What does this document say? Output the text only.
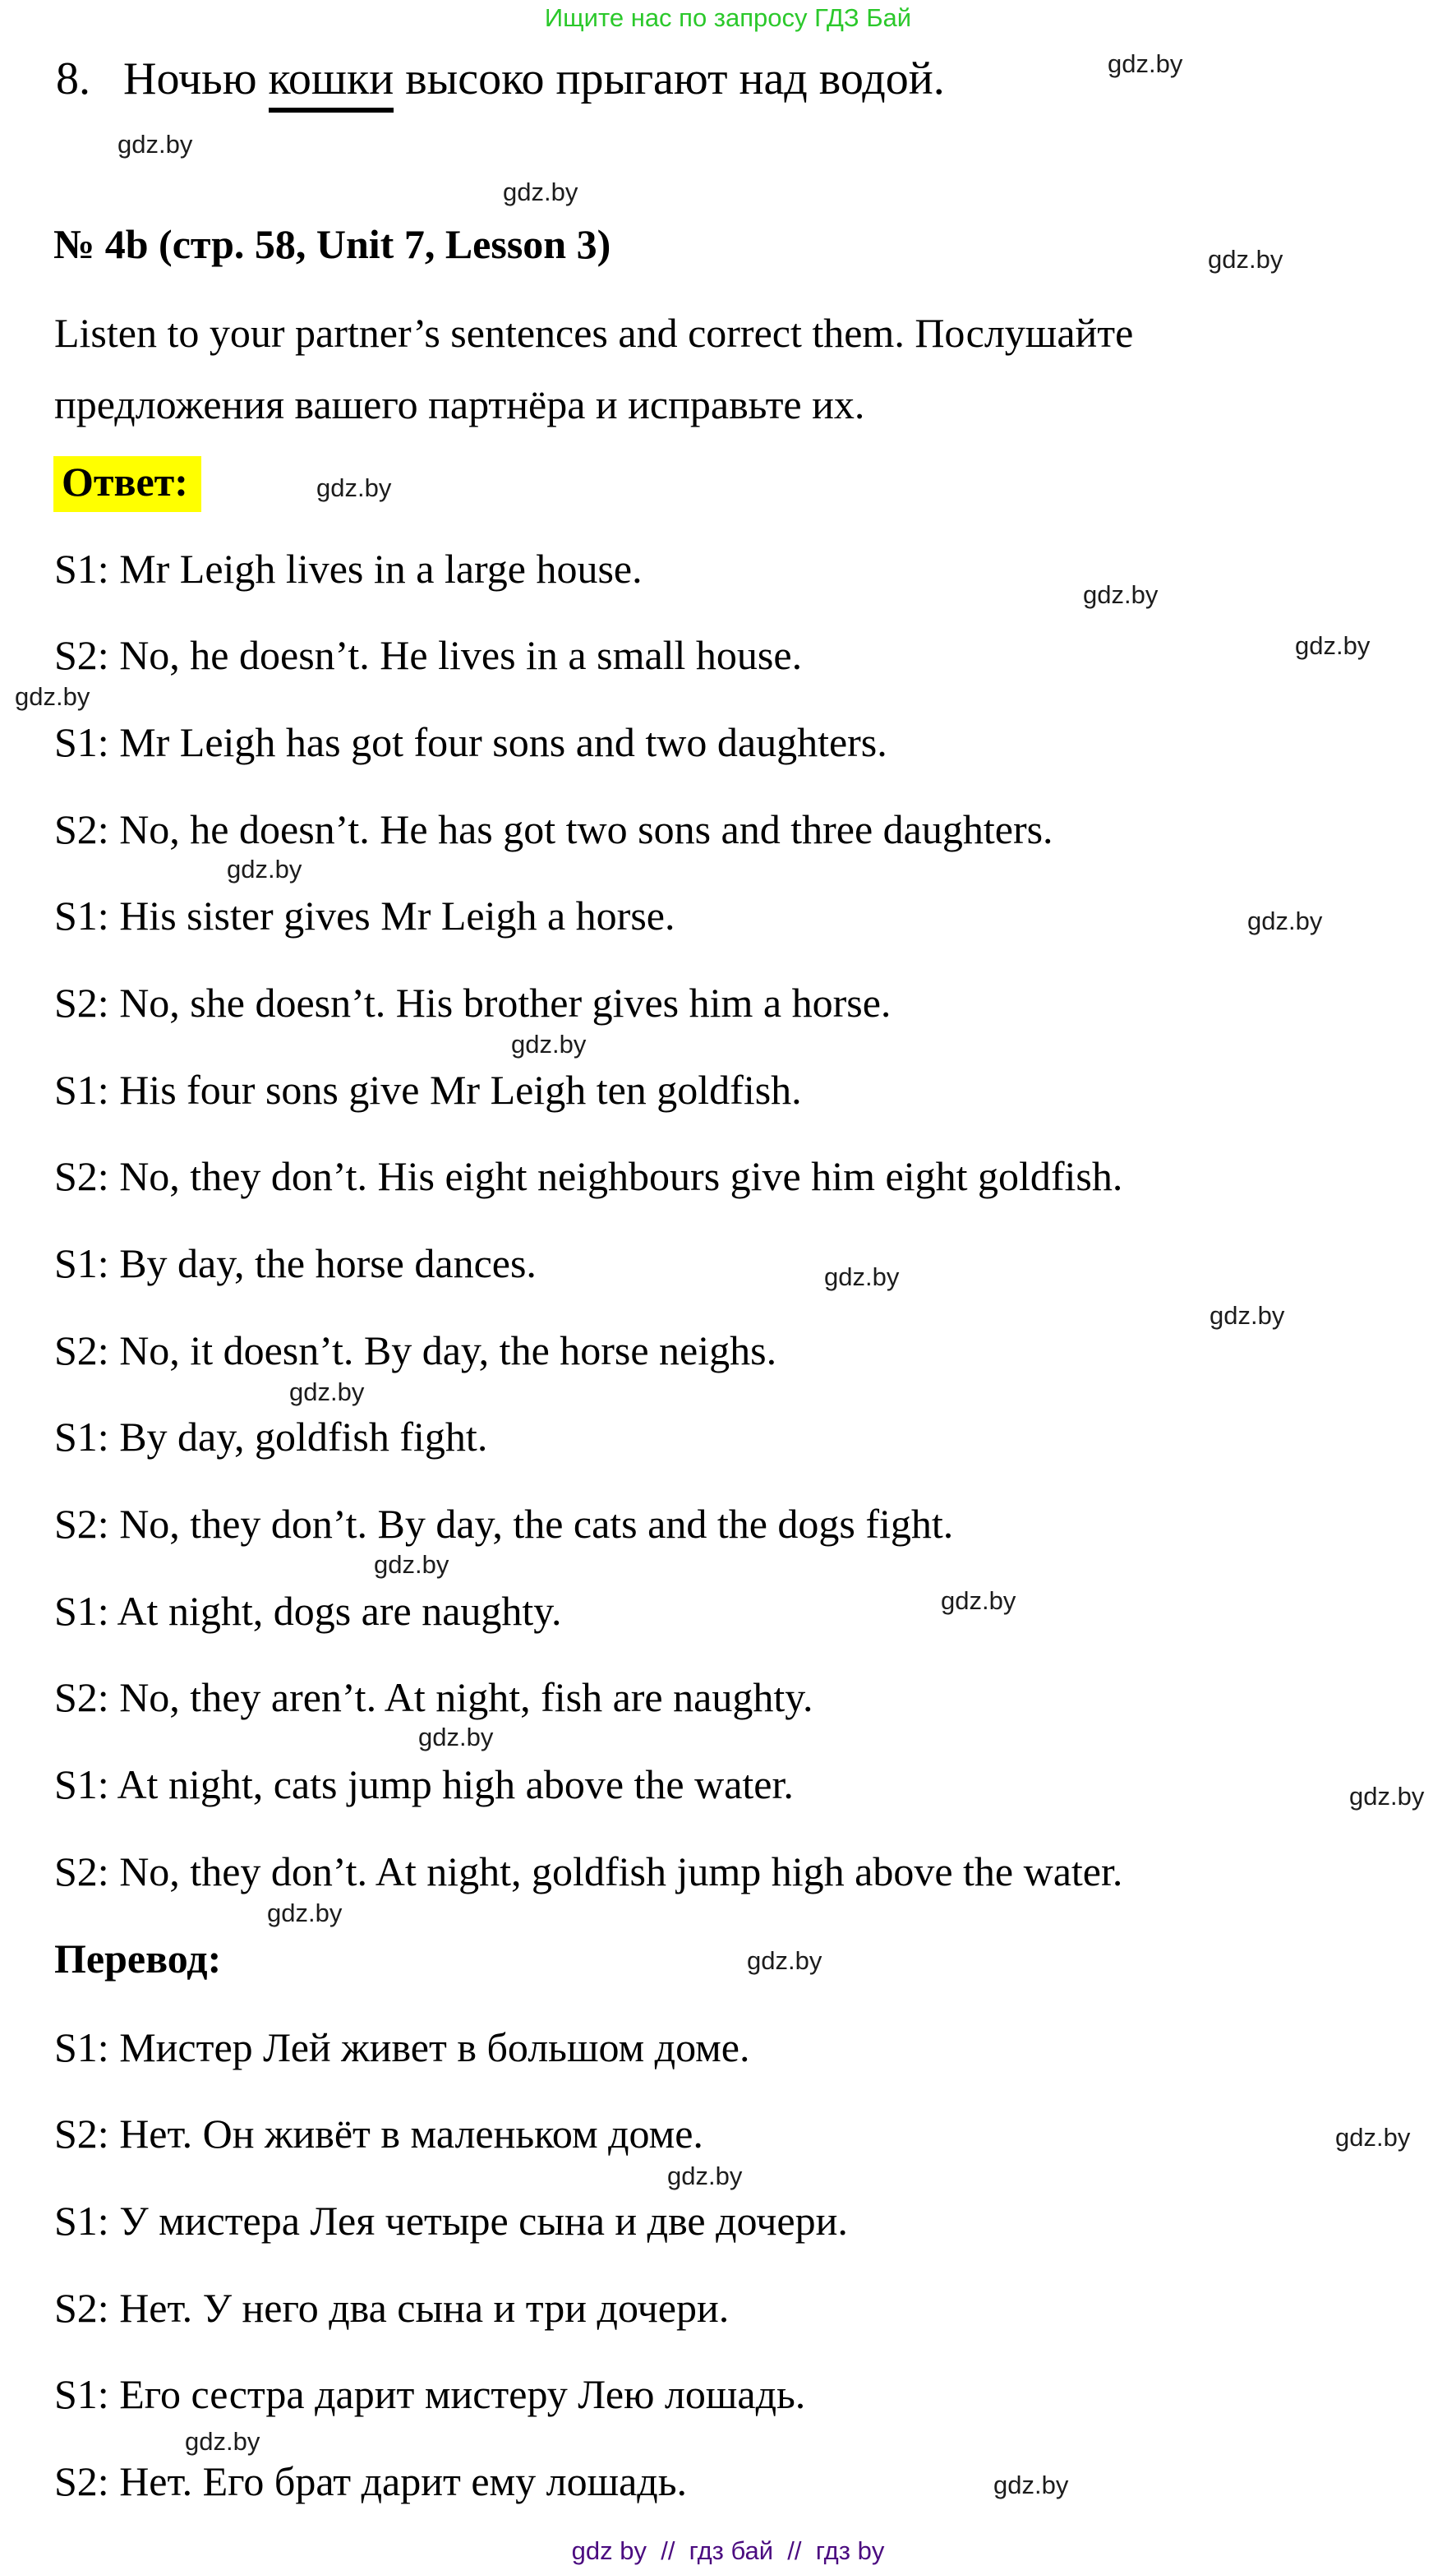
Ищите нас по запросу ГДЗ Бай
8. Ночью кошки высоко прыгают над водой.
№ 4b (стр. 58, Unit 7, Lesson 3)
Listen to your partner’s sentences and correct them. Послушайте
предложения вашего партнёра и исправьте их.
Ответ:
S1: Mr Leigh lives in a large house.
S2: No, he doesn’t. He lives in a small house.
S1: Mr Leigh has got four sons and two daughters.
S2: No, he doesn’t. He has got two sons and three daughters.
S1: His sister gives Mr Leigh a horse.
S2: No, she doesn’t. His brother gives him a horse.
S1: His four sons give Mr Leigh ten goldfish.
S2: No, they don’t. His eight neighbours give him eight goldfish.
S1: By day, the horse dances.
S2: No, it doesn’t. By day, the horse neighs.
S1: By day, goldfish fight.
S2: No, they don’t. By day, the cats and the dogs fight.
S1: At night, dogs are naughty.
S2: No, they aren’t. At night, fish are naughty.
S1: At night, cats jump high above the water.
S2: No, they don’t. At night, goldfish jump high above the water.
Перевод:
S1: Мистер Лей живет в большом доме.
S2: Нет. Он живёт в маленьком доме.
S1: У мистера Лея четыре сына и две дочери.
S2: Нет. У него два сына и три дочери.
S1: Его сестра дарит мистеру Лею лошадь.
S2: Нет. Его брат дарит ему лошадь.
gdz.by
gdz.by
gdz.by
gdz.by
gdz.by
gdz.by
gdz.by
gdz.by
gdz.by
gdz.by
gdz.by
gdz.by
gdz.by
gdz.by
gdz.by
gdz.by
gdz.by
gdz.by
gdz.by
gdz.by
gdz.by
gdz.by
gdz.by
gdz.by
gdz by  //  гдз бай  //  гдз by
